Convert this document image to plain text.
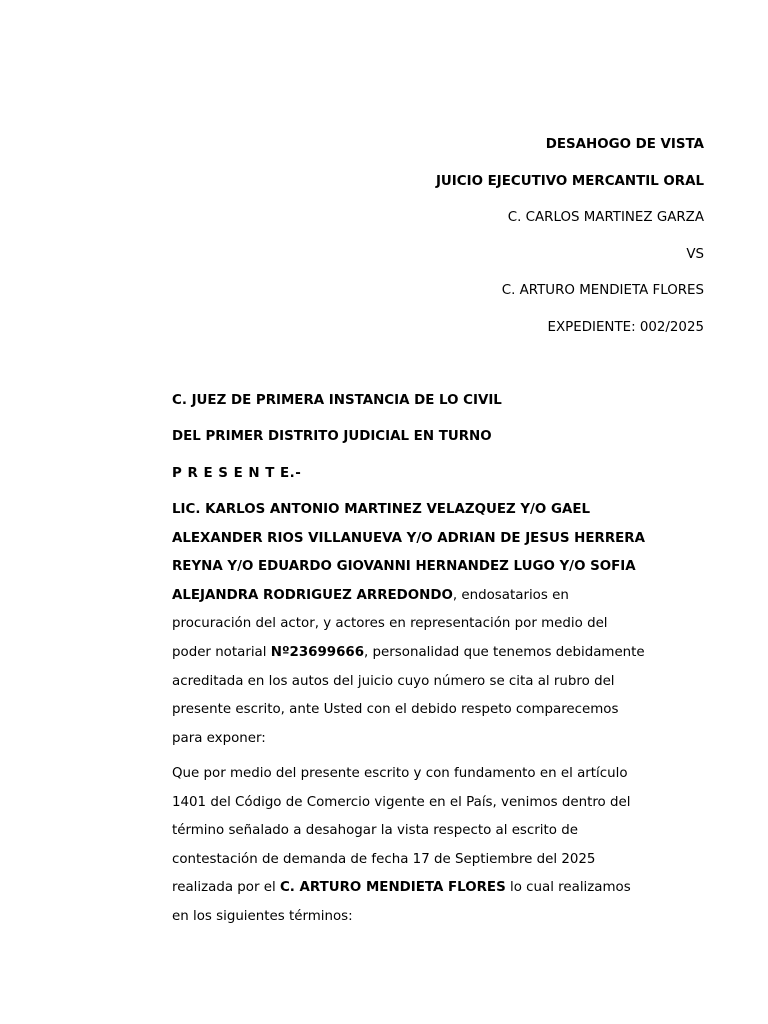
DESAHOGO DE VISTA

JUICIO EJECUTIVO MERCANTIL ORAL

C. CARLOS MARTINEZ GARZA

VS

C. ARTURO MENDIETA FLORES

EXPEDIENTE: 002/2025

C. JUEZ DE PRIMERA INSTANCIA DE LO CIVIL

DEL PRIMER DISTRITO JUDICIAL EN TURNO

P R E S E N T E.-

LIC. KARLOS ANTONIO MARTINEZ VELAZQUEZ Y/O GAEL
ALEXANDER RIOS VILLANUEVA Y/O ADRIAN DE JESUS HERRERA
REYNA Y/O EDUARDO GIOVANNI HERNANDEZ LUGO Y/O SOFIA
ALEJANDRA RODRIGUEZ ARREDONDO, endosatarios en
procuración del actor, y actores en representación por medio del
poder notarial Nº23699666, personalidad que tenemos debidamente
acreditada en los autos del juicio cuyo número se cita al rubro del
presente escrito, ante Usted con el debido respeto comparecemos
para exponer:
Que por medio del presente escrito y con fundamento en el artículo
1401 del Código de Comercio vigente en el País, venimos dentro del
término señalado a desahogar la vista respecto al escrito de
contestación de demanda de fecha 17 de Septiembre del 2025
realizada por el C. ARTURO MENDIETA FLORES lo cual realizamos
en los siguientes términos:
